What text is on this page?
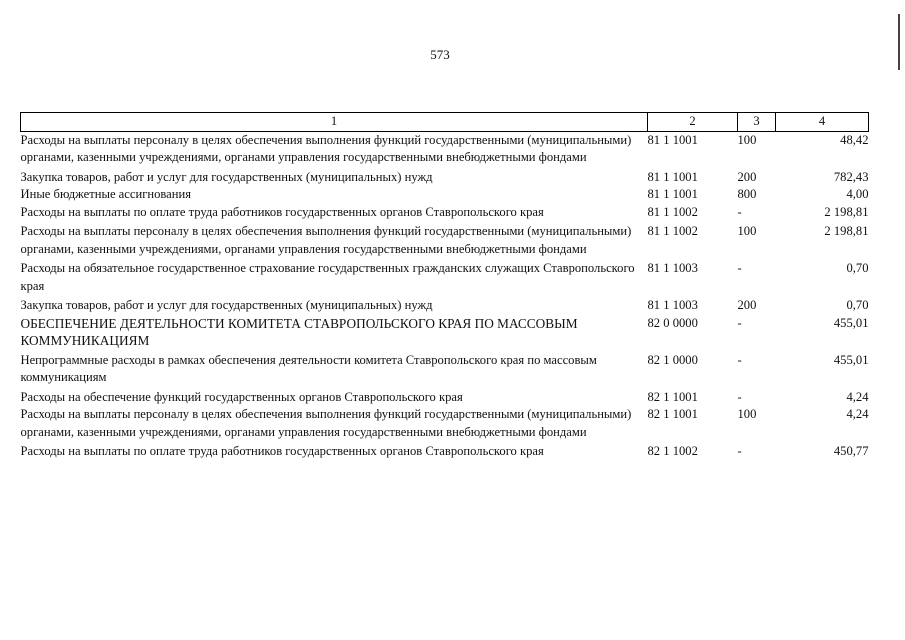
573
1	2	3	4
Расходы на выплаты персоналу в целях обеспечения выполнения функций государственными (муниципальными) органами, казенными учреждениями, органами управления государственными внебюджетными фондами	81 1 1001	100	48,42
Закупка товаров, работ и услуг для государственных (муниципальных) нужд	81 1 1001	200	782,43
Иные бюджетные ассигнования	81 1 1001	800	4,00
Расходы на выплаты по оплате труда работников государственных органов Ставропольского края	81 1 1002	-	2 198,81
Расходы на выплаты персоналу в целях обеспечения выполнения функций государственными (муниципальными) органами, казенными учреждениями, органами управления государственными внебюджетными фондами	81 1 1002	100	2 198,81
Расходы на обязательное государственное страхование государственных гражданских служащих Ставропольского края	81 1 1003	-	0,70
Закупка товаров, работ и услуг для государственных (муниципальных) нужд	81 1 1003	200	0,70
ОБЕСПЕЧЕНИЕ ДЕЯТЕЛЬНОСТИ КОМИТЕТА СТАВРОПОЛЬСКОГО КРАЯ ПО МАССОВЫМ КОММУНИКАЦИЯМ	82 0 0000	-	455,01
Непрограммные расходы в рамках обеспечения деятельности комитета Ставропольского края по массовым коммуникациям	82 1 0000	-	455,01
Расходы на обеспечение функций государственных органов Ставропольского края	82 1 1001	-	4,24
Расходы на выплаты персоналу в целях обеспечения выполнения функций государственными (муниципальными) органами, казенными учреждениями, органами управления государственными внебюджетными фондами	82 1 1001	100	4,24
Расходы на выплаты по оплате труда работников государственных органов Ставропольского края	82 1 1002	-	450,77
